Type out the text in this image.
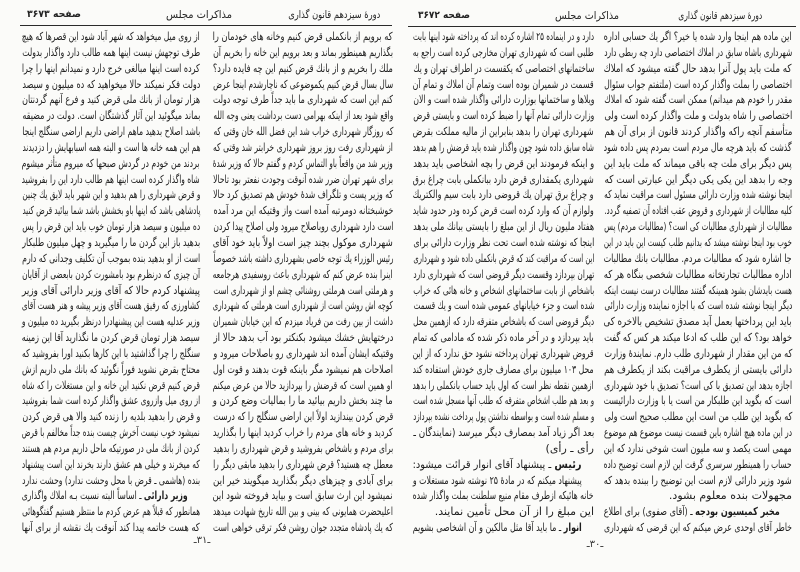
دورهٔ سیزدهم قانون گذاری
مذاکرات مجلس
صفحه ۳۶۷۳
که برویم از بانکملی قرض کنیم وخانه های خودمان را
بگذاریم همینطور بماند و بعد برویم این خانه را بخریم آن
ملك را بخریم و از بانك قرض کنیم این چه فایده دارد؟
سال بسال قرض کنیم یکموضوعی که ناچارشدم اینجا عرض
کنم این است که شهرداری ما باید جداً طرف توجه دولت
واقع شود بعد از اینکه بهرامی دست برداشت یعنی وجه الله
که روزگار شهرداری خراب شد این فضل الله خان وقتی که
از شهرداری رفت روز بروز شهرداری خرابتر شد وقتی که
وزیر شد من واقعاً باو التماس کردم و گفتم حالا که وزیر شدهٔ
برای شهر تهران ضرر شده آنوقت وجودت نفعتر بود تاحالا
که وزیر پست و تلگراف شدهٔ خودش هم تصدیق کرد حالا
خوشبختانه دومرتبه آمده است واز وقتیکه این مرد آمده
است دارد شهرداری روباصلاح میرود ولی اصلاح پیدا کردن
شهرداری موکول بچند چیز است اولاً باید خود آقای
رئیس الوزراء یك توجه خاصی بشهرداری داشته باشد خصوصاً
اینرا بنده عرض کنم که شهرداری باعث روسفیدی هرجامعه
و هرملتی است هرملتی روشنائی چشم او از شهرداری است
کوچه اش روشن است از شهرداری است هرملتی که شهرداری
داشت از بین رفت من فریاد میزدم که این خیابان شمیران
درختهایش خشك میشود بکنکتر بود آب بدهد حالا از
وقتیکه ایشان آمده اند شهرداری رو باصلاحات میرود و
اصلاحات هم نمیشود مگر باینکه قوت بدهند و قوت اول
او همین است که قرضش را بپردازید حالا من عرض میکنم
ما چند بخش داریم بیائید ما را بمالیات وضع کردن و
قرض کردن بیندازید اولاً این اراضی سنگلج را که درست
کردید و خانه های مردم را خراب کردید اینها را بگذارید
برای مردم و باشخاص بفروشید و قرض شهرداری را بدهید
معطل چه هستید؟ قرض شهرداری را بدهید مابقی دیگر را
برای آبادی و چیزهای دیگر بگذارید میگویند خیر این
نمیشود این ارث سابق است و بیاید فروخته شود این
اعلیحضرت همایونی که بینی و بین الله تاریخ شهادت میدهد
که یك پادشاه متجدد جوان روشن فکر ترقی خواهی است
از روی میل میخواهد که شهر آباد شود این قصرها که هیچ
طرف توجهش نیست اینها همه طالب دارد واگذار بدولت
کرده است اینها مبالغی خرج دارد و نمیدانم اینها را چرا
دولت فکر نمیکند حالا میخواهید که ده میلیون و سیصد
هزار تومان از بانك ملی قرض کنید و فرع آنهم گردنتان
بماند میگوئید این آثار گذشتگان است. دولت در مضیقه
باشد اصلاح بدهید ماهم اراضی داریم اراضی سنگلج اینجا
هم این همه خانه ها است و البته همه اسبابهایش را دزدیدند
بردند من خودم در گردش صبحها که میروم متأثر میشوم
شاه واگذار کرده است اینها هم طالب دارد این را بفروشید
و قرض شهرداری را هم بدهید و این شهر باید لایق یك چنین
پادشاهی باشد که اینها باو بخشش باشد شما بیائید قرض کنید
ده میلیون و سیصد هزار تومان خوب باید این قرض را پس
بدهید باز این گردن ما را میگیرید و چهل میلیون طلبکار
است از او بدهید بنده بموجب آن تکلیف وجدانی که دارم
آن چیزی که درنظرم بود بامشورت کردن بابعضی از آقایان
پیشنهاد کردم حالا که آقای وزیر دارائی آقای وزیر
کشاورزی که رفیق هست آقای وزیر پیشه و هنر هست آقای
وزیر عدلیه هست این پیشنهادرا درنظر بگیرید ده میلیون و
سیصد هزار تومان قرض کردن ما نگذارید آقا این زمینه
سنگلج را چرا گذاشتید با این کارها بکنید اورا بفروشید که
محتاج بقرض نشوید فوراً نگوئید که بانك ملی داریم ازش
قرض کنیم قرض نکنید این خانه و این مستغلات را که شاه
از روی میل وازروی عشق واگذار کرده است شما بفروشید
و قرض را بدهید بلدیه را زنده کنید والا هی قرض کردن
نمیشود خوب نیست آخرش چیست بنده جداً مخالفم با قرض
کردن از بانك ملی در صورتیکه ماحل داریم مردم هم هستند
که میخرند و خیلی هم عشق دارند بخرند این است پیشنهاد
بنده (هاشمی ـ قرض با محل وحشت ندارد) وحشت ندارد
وزیر دارائی ـ اساساً البته نسبت بـه املاك واگذاری
همانطور که قبلاً هم عرض کردم ما منتظر هستیم گفتگوهائی
که هست خاتمه پیدا کند آنوقت یك نقشه از برای آنها
ـ۳۱ـ
دورهٔ سیزدهم قانون گذاری
مذاکرات مجلس
صفحه ۳۶۷۲
این ماده هم اینجا وارد شده یا خیر؟ اگر یك حسابی اداره
شهرداری باشاه سابق در املاك اختصاصی دارد چه ربطی دارد
که ملت باید پول آنرا بدهد حال گفته میشود که املاك
اختصاصی را بملت واگذار کرده است (ملتفتم جواب سئوال
مقدر را خودم هم میدانم) ممکن است گفته شود که املاك
اختصاصی را شاه بدولت و ملت واگذار کرده است ولی
متأسفم آنچه راکه واگذار کردند قانون از برای آن هم
گذشت که باید هرچه مال مردم است بمردم پس داده شود
پس دیگر برای ملت چه باقی میماند که ملت باید این
وجه را بدهد این یکی یکی دیگر این عبارتی است که
اینجا نوشته شده وزارت دارائی مسئول است مراقبت نماید که
کلیه مطالبات از شهرداری و قروض عقب افتاده آن تصفیه گردد.
مطالبات از شهرداری مطالبات کی است؟ (مطالبات مردم) پس
خوب بود اینجا نوشته میشد که بدانیم طلب کیست این باید در این
جا اشاره شود که مطالبات مردم. مطالبات بانك مطالبات
اداره مطالبات تجارتخانه مطالبات شخصی بنگاه هر که
هست بایدشان بشود همینکه گفتند مطالبات درست نیست اینکه
دیگر اینجا نوشته شده است که با اجازه نماینده وزارت دارائی
باید این پرداختها بعمل آید مصدق تشخیص بالاخره کی
خواهد بود؟ که این طلب که ادعا میکند هر کس که گفت
که من این مقدار از شهرداری طلب دارم. نمایندهٔ وزارت
دارائی بایستی از یکطرف مراقبت بکند از یکطرف هم
اجازه بدهد این تصدیق با کی است؟ تصدیق با خود شهرداری
است که بگوید این طلبکار من است یا با وزارت دارائیست
که بگوید این طلب من است این مطلب صحیح است ولی
در این ماده هیچ اشاره باین قسمت نیست موضوع هم موضوع
مهمی است یکصد و سه ملیون است شوخی ندارد که این
حساب را همینطور سرسری گرفت این لازم است توضیح داده
شود وزیر دارائی لازم است این توضیح را ببنده بدهد که
مجهولات بنده معلوم بشود.
مخبر کمیسیون بودجه ـ (آقای صفوی) برای اطلاع
خاطر آقای اوحدی عرض میکنم که این قرضی که شهرداری
دارد و در اینماده ۲۵ اشاره کرده اند که پرداخته شود اینها بابت
طلبی است که شهرداری تهران مخارجی کرده است راجع به
ساختمانهای اختصاصی که یکقسمت در اطراف تهران و یك
قسمت در شمیران بوده است وتمام آن املاك و تمام آن
ویلاها و ساختمانها بوزارت دارائی واگذار شده است و الان
وزارت دارائی تمام آنها را ضبط کرده است و بایستی قرض
شهرداری تهران را بدهد بنابراین از مالیه مملکت بقرض
شاه سابق داده شود چون واگذار شده باید قرضش را هم بدهد
و اینکه فرمودند این قرض را بچه اشخاصی باید بدهد
شهرداری یکمقداری قرض دارد ببانکملی بابت چراغ برق
و چراغ برق تهران یك قروضی دارد بابت سیم والکتریك
ولوازم آن که وارد کرده است قرض کرده ودر حدود شاید
هفتاد ملیون ریال از این مبلغ را بایستی ببانك ملی بدهد
اینجا که نوشته شده است تحت نظر وزارت دارائی برای
این است که مراقبت کند که قرض بانکملی داده شود و شهرداری
تهران بپردازد وقسمت دیگر قروضی است که شهرداری دارد
باشخاص از بابت ساختمانهای اشخاص و خانه هائی که خراب
شده است و جزء خیابانهای عمومی شده است و یك قسمت
دیگر قروضی است که باشخاص متفرقه دارد که ازهمین محل
باید بپردازد و در آخر ماده ذکر شده که مادامی که تمام
قروض شهرداری تهران پرداخته نشود حق ندارد که از این
محل ۱۰۳ میلیون برای مصارف جاری خودش استفاده کند
ازهمین نقطه نظر است که اول باید حساب بانکملی را بدهد
و بعد هم طلب اشخاص متفرقه که طلب آنها مسجل شده است
و مسلم شده است و بواسطه نداشتن پول پرداخت نشده بپردازد
بعد اگر زیاد آمد بمصارف دیگر میرسد (نمایندگان ـ
رأی ـ رأی)
رئیس ـ پیشنهاد آقای انوار قرائت میشود:
پیشنهاد میکنم که در مادهٔ ۲۵ نوشته شود مستغلات و
خانه هائیکه ازطرف مقام منیع سلطنت بملت واگذار شده
این مبلغ را از آن محل تأمین نمایند.
انوار ـ ما باید آقا مثل مالکین و آن اشخاصی بشویم
ـ۳۰ـ
